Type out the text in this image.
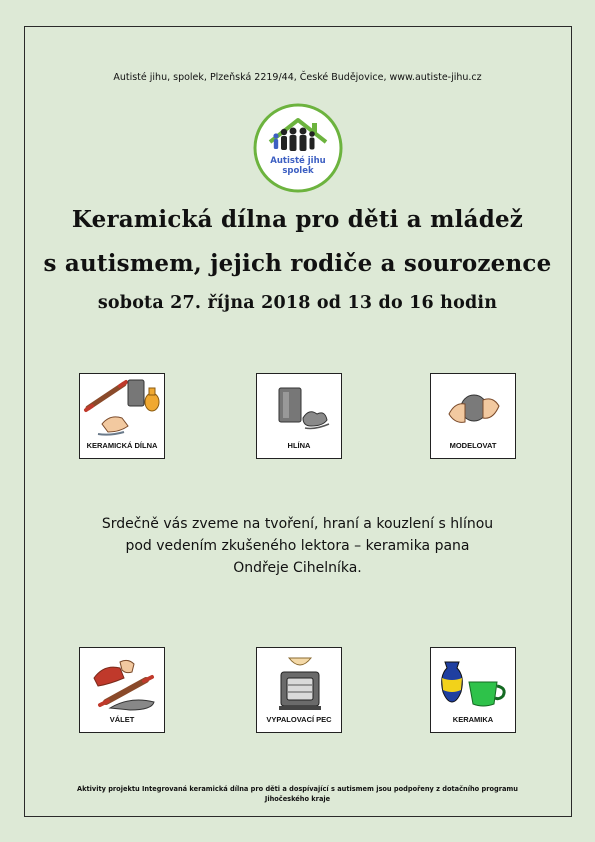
Autisté jihu, spolek, Plzeňská 2219/44, České Budějovice, www.autiste-jihu.cz
Autisté jihu
spolek
Keramická dílna pro děti a mládež
s autismem, jejich rodiče a sourozence
sobota 27. října 2018 od 13 do 16 hodin
KERAMICKÁ DÍLNA	HLÍNA	MODELOVAT
Srdečně vás zveme na tvoření, hraní a kouzlení s hlínou
pod vedením zkušeného lektora – keramika pana
Ondřeje Cihelníka.
VÁLET	VYPALOVACÍ PEC	KERAMIKA
Aktivity projektu Integrovaná keramická dílna pro děti a dospívající s autismem jsou podpořeny z dotačního programu
Jihočeského kraje
